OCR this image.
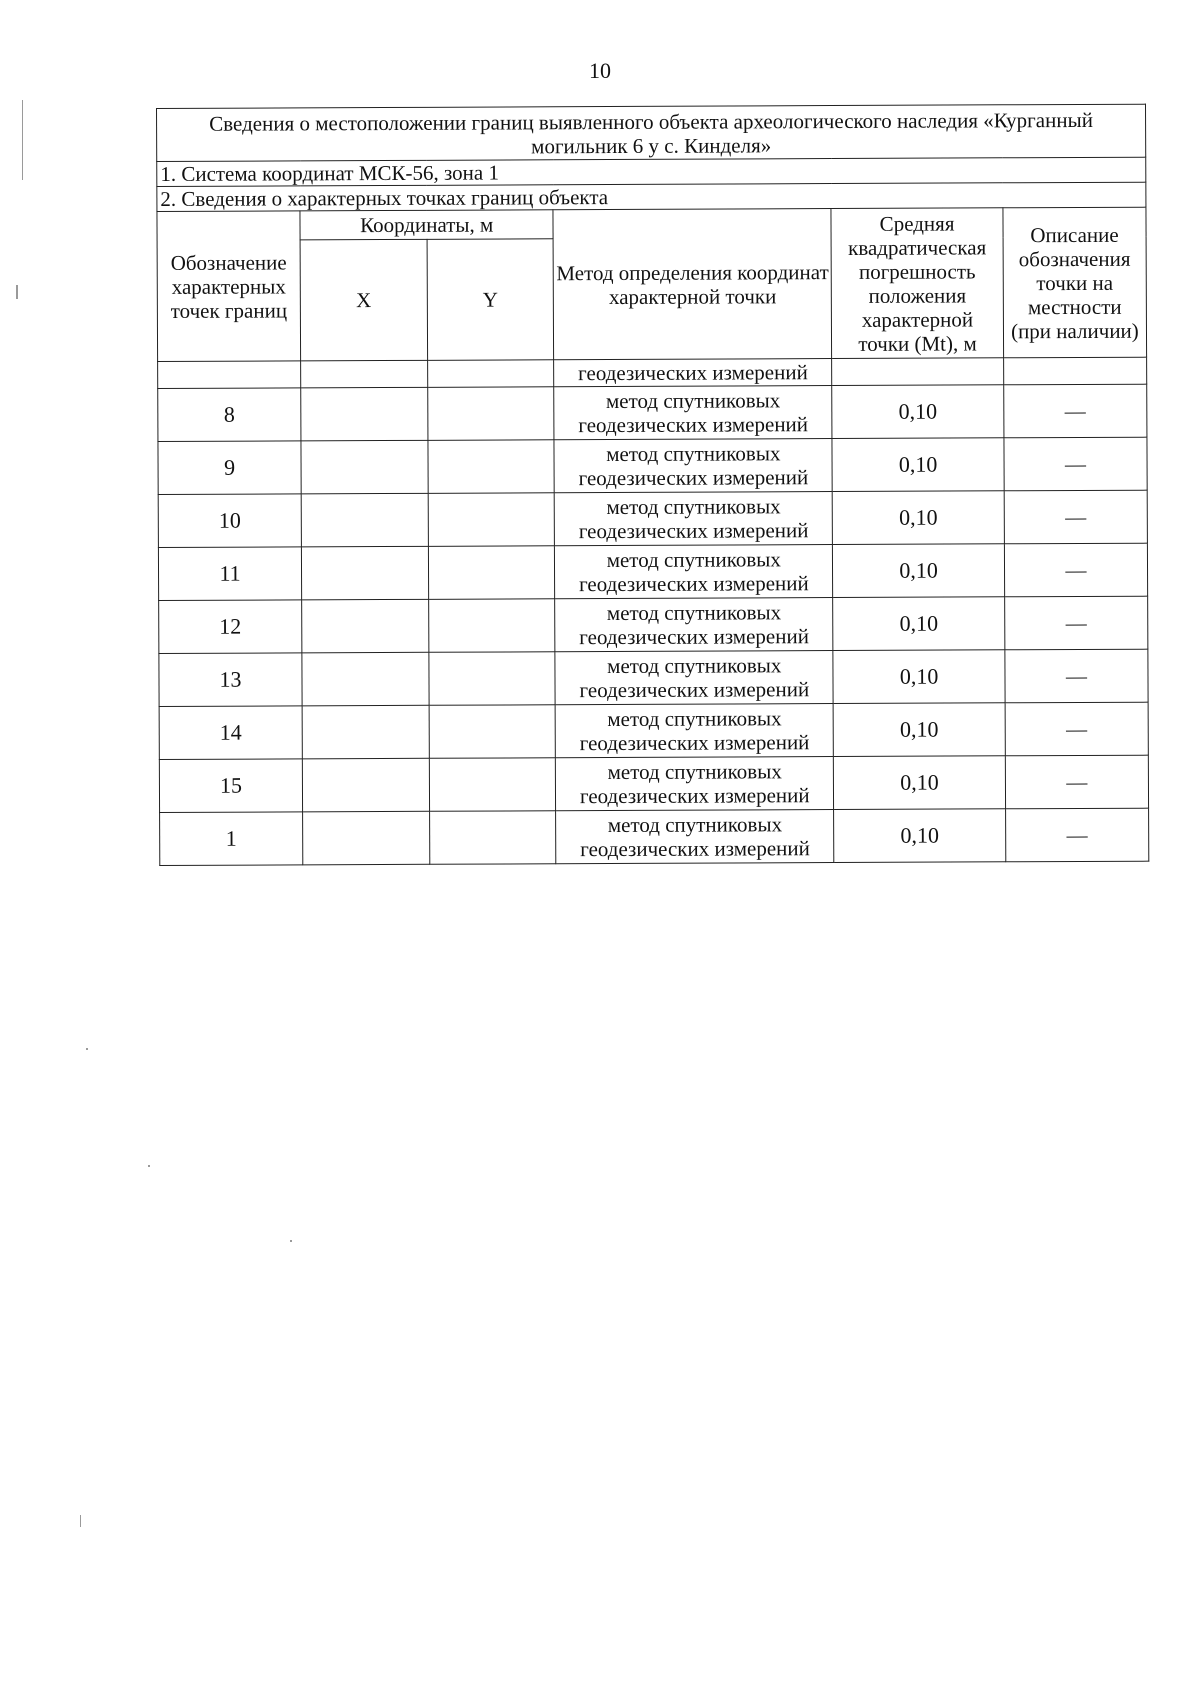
10
Сведения о местоположении границ выявленного объекта археологического наследия «Курганный могильник 6 у с. Кинделя»					
1. Система координат МСК-56, зона 1					
2. Сведения о характерных точках границ объекта					
Обозначение характерных точек границ	Координаты, м		Метод определения координат характерной точки	Средняя квадратическая погрешность положения характерной точки (Mt), м	Описание обозначения точки на местности (при наличии)
	X	Y			
			геодезических измерений		
8			метод спутниковых геодезических измерений	0,10	—
9			метод спутниковых геодезических измерений	0,10	—
10			метод спутниковых геодезических измерений	0,10	—
11			метод спутниковых геодезических измерений	0,10	—
12			метод спутниковых геодезических измерений	0,10	—
13			метод спутниковых геодезических измерений	0,10	—
14			метод спутниковых геодезических измерений	0,10	—
15			метод спутниковых геодезических измерений	0,10	—
1			метод спутниковых геодезических измерений	0,10	—
